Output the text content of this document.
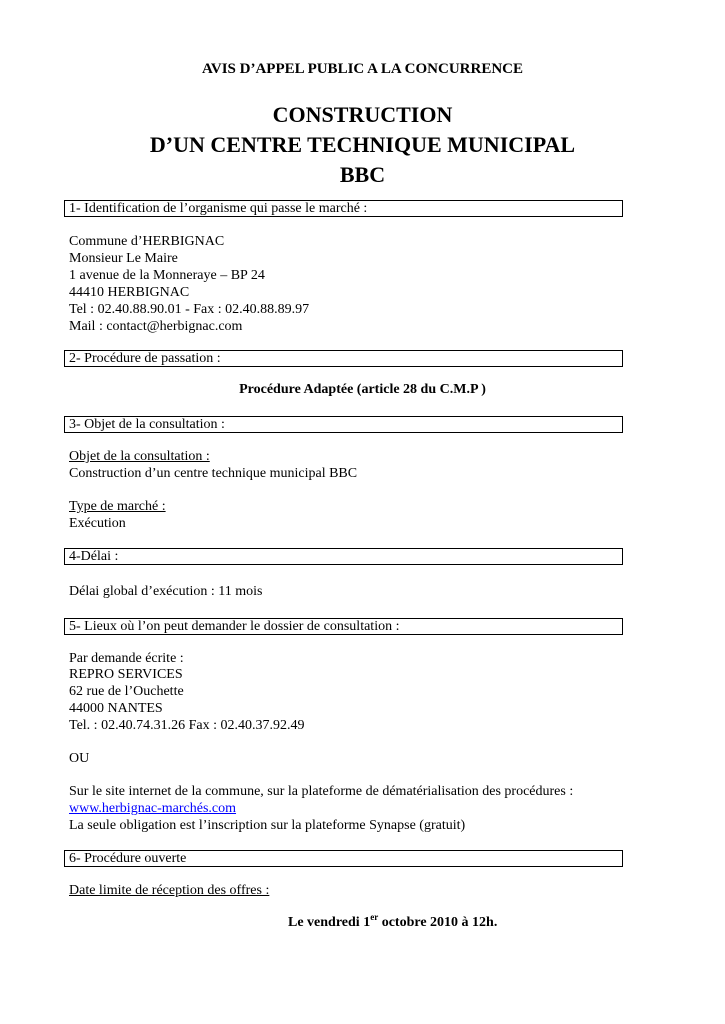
AVIS D’APPEL PUBLIC A LA CONCURRENCE
CONSTRUCTION
D’UN CENTRE TECHNIQUE MUNICIPAL
BBC
1- Identification de l’organisme qui passe le marché :
Commune d’HERBIGNAC
Monsieur Le Maire
1 avenue de la Monneraye – BP 24
44410 HERBIGNAC
Tel : 02.40.88.90.01 - Fax : 02.40.88.89.97
Mail : contact@herbignac.com
2- Procédure de passation :
Procédure Adaptée (article 28 du C.M.P )
3- Objet de la consultation :
Objet de la consultation :
Construction d’un centre technique municipal BBC
Type de marché :
Exécution
4-Délai :
Délai global d’exécution : 11 mois
5- Lieux où l’on peut demander le dossier de consultation :
Par demande écrite :
REPRO SERVICES
62 rue de l’Ouchette
44000 NANTES
Tel. : 02.40.74.31.26 Fax : 02.40.37.92.49
OU
Sur le site internet de la commune, sur la plateforme de dématérialisation des procédures :
www.herbignac-marchés.com
La seule obligation est l’inscription sur la plateforme Synapse (gratuit)
6- Procédure ouverte
Date limite de réception des offres :
Le vendredi 1er octobre 2010 à 12h.
